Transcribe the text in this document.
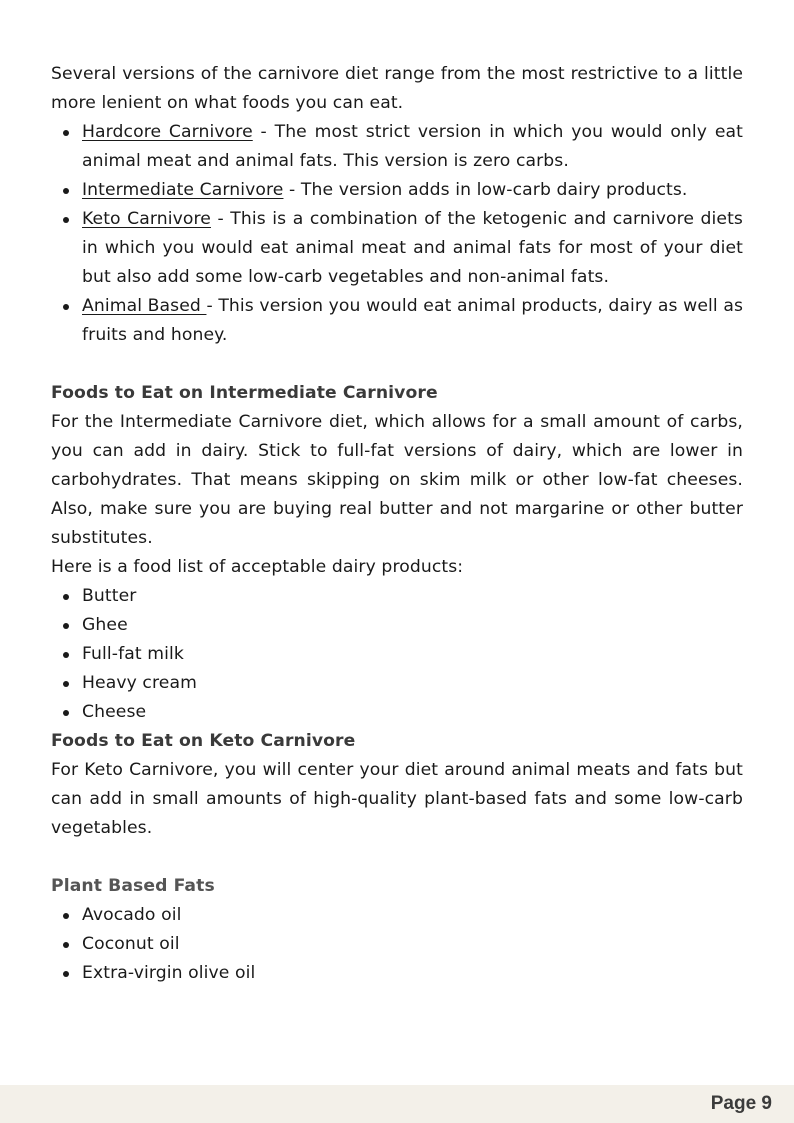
Several versions of the carnivore diet range from the most restrictive to a little more lenient on what foods you can eat.

Hardcore Carnivore - The most strict version in which you would only eat animal meat and animal fats. This version is zero carbs.
Intermediate Carnivore - The version adds in low-carb dairy products.
Keto Carnivore - This is a combination of the ketogenic and carnivore diets in which you would eat animal meat and animal fats for most of your diet but also add some low-carb vegetables and non-animal fats.
Animal Based - This version you would eat animal products, dairy as well as fruits and honey.

Foods to Eat on Intermediate Carnivore

For the Intermediate Carnivore diet, which allows for a small amount of carbs, you can add in dairy. Stick to full-fat versions of dairy, which are lower in carbohydrates. That means skipping on skim milk or other low-fat cheeses. Also, make sure you are buying real butter and not margarine or other butter substitutes.

Here is a food list of acceptable dairy products:

Butter
Ghee
Full-fat milk
Heavy cream
Cheese

Foods to Eat on Keto Carnivore

For Keto Carnivore, you will center your diet around animal meats and fats but can add in small amounts of high-quality plant-based fats and some low-carb vegetables.

Plant Based Fats

Avocado oil
Coconut oil
Extra-virgin olive oil
Page 9
